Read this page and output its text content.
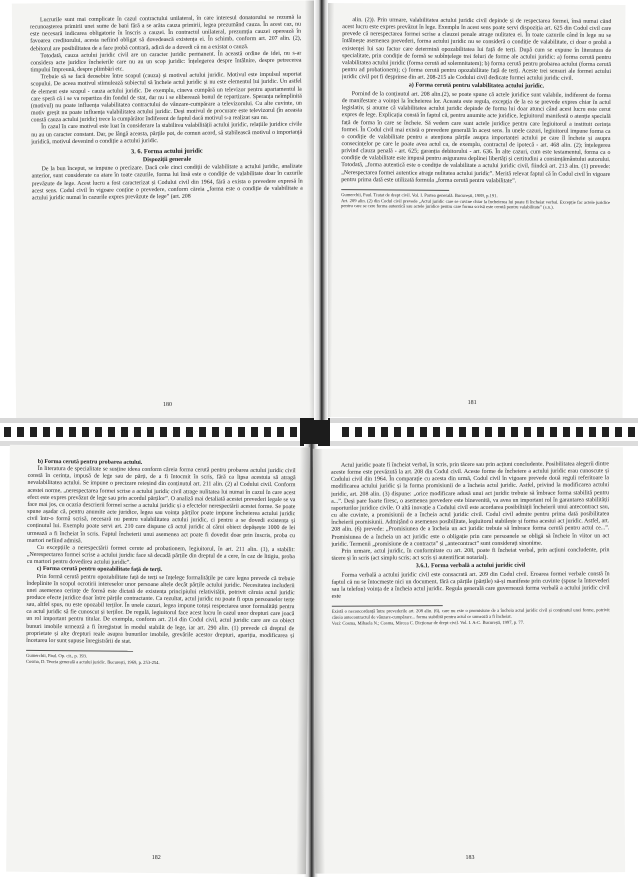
Lucrurile sunt mai complicate în cazul contractului unilateral, în care interesul donatorului se rezumă la recunoașterea primirii unei sume de bani fără a se arăta cauza primirii, legea prezumând cauza. În acest caz, nu este necesară indicarea obligatorie în înscris a cauzei. În contractul unilateral, prezumția cauzei operează în favoarea creditorului, acesta nefiind obligat să dovedească existența ei. În schimb, conform art. 207 alin. (2), debitorul are posibilitatea de a face probă contrară, adică de a dovedi că nu a existat o cauză.

Totodată, cauza actului juridic civil are un caracter juridic permanent. În această ordine de idei, nu s-ar considera acte juridice încheierile care nu au un scop juridic: înțelegerea despre întâlnire, despre petrecerea timpului împreună, despre plimbări etc.

Trebuie să se facă deosebire între scopul (cauza) și motivul actului juridic. Motivul este impulsul suportat scopului. De aceea motivul stimulează subiectul să încheie actul juridic și nu este elementul lui juridic. Un astfel de element este scopul - cauza actului juridic. De exemplu, cineva cumpără un televizor pentru apartamentul la care speră că i se va repartiza din fondul de stat, dar nu i se eliberează bonul de repartizare. Speranța neîmplinită (motivul) nu poate influența valabilitatea contractului de vânzare-cumpărare a televizorului. Cu alte cuvinte, un motiv greșit nu poate influența valabilitatea actului juridic. Deși motivul de procurare este televizorul (în aceasta constă cauza actului juridic) trece la cumpărător îndiferent de faptul dacă motivul s-a realizat sau nu.

În cazul în care motivul este luat în considerare la stabilirea valabilității actului juridic, relațiile juridice civile nu au un caracter constant. Dar, pe lângă aceasta, părțile pot, de comun acord, să stabilească motivul o importanță juridică, motivul devenind o condiție a actului juridic.

3. 6. Forma actului juridic
Dispoziții generale

De la bun început, se impune o precizare. Dacă cele cinci condiții de valabilitate a actului juridic, analizate anterior, sunt considerate ca atare în toate cazurile, forma lui însă este o condiție de valabilitate doar în cazurile prevăzute de lege. Acest lucru a fost caracterizat și Codului civil din 1964, fără a exista o prevedere expresă în acest sens. Codul civil în vigoare conține o prevedere, conform căreia „forma este o condiție de valabilitate a actului juridic numai în cazurile expres prevăzute de lege” (art. 208

180

alin. (2)). Prin urmare, valabilitatea actului juridic civil depinde și de respectarea formei, însă numai când acest lucru este expres prevăzut în lege. Exemplu în acest sens poate servi dispoziția art. 625 din Codul civil care prevede că nerespectarea formei scrise a clauzei penale atrage nulitatea ei. În toate cazurile când în lege nu se întâlnește asemenea prevederi, forma actului juridic nu se consideră o condiție de valabilitate, ci doar o probă a existenței lui sau factor care determină opozabilitatea lui față de terți. După cum se expune în literatura de specialitate, prin condiție de formă se subînțelege trei feluri de forme ale actului juridic: a) forma cerută pentru valabilitatea actului juridic (forma cerută ad solemnitatem); b) forma cerută pentru probarea actului (forma cerută pentru ad probationem); c) forma cerută pentru opozabilitate față de terți. Aceste trei sensuri ale formei actului juridic civil pot fi deșprinse din art. 208-215 ale Codului civil dedicate formei actului juridic civil.

a) Forma cerută pentru valabilitatea actului juridic.

Pornind de la conținutul art. 208 alin.(2), se poate spune că actele juridice sunt valabile, indiferent de forma de manifestare a voinței la încheierea lor. Aceasta este regula, excepția de la ea se prevede expres chiar în actul legislativ, și anume că valabilitatea actului juridic depinde de forma lui doar atunci când acest lucru este cerut expres de lege. Explicația constă în faptul că, pentru anumite acte juridice, legiuitorul manifestă o atenție specială față de forma în care se încheie. Să vedem care sunt actele juridice pentru care legiuitorul a instituit cerința formei. În Codul civil mai există o prevedere generală în acest sens. În unele cazuri, legiuitorul impune forma ca o condiție de valabilitate pentru a atenționa părțile asupra importanței actului pe care îl încheie și asupra consecințelor pe care le poate avea actul ca, de exemplu, contractul de ipotecă - art. 468 alin. (2); înțelegerea privind clauza penală - art. 625; garanția debitorului - art. 636. În alte cazuri, cum este testamentul, forma ca o condiție de valabilitate este impusă pentru asigurarea deplinei libertăți și certitudini a consimțământului autorului. Totodată, „forma autentică este o condiție de valabilitate a actului juridic civil, fiindcă art. 213 alin. (1) prevede: „Nerespectarea formei autentice atrage nulitatea actului juridic”. Merită relevat faptul că în Codul civil în vigoare pentru prima dată este utilizată formula „forma cerută pentru valabilitate”.

Gumerchii, Paul. Tratat de drept civil. Vol. I. Partea generală. București, 1989, p.191.

Art. 209 alin. (2) din Codul civil prevede „Actul juridic care se cuvine chiar la încheierea lui poate fi încheiat verbal. Excepție fac actele juridice pentru care se cere forma autentică sau actele juridice pentru care forma scrisă este cerută pentru valabilitate” (s.n.).

181

b) Forma cerută pentru probarea actului.

În literatura de specialitate se susține ideea conform căreia forma cerută pentru probarea actului juridic civil constă în cerința, impusă de lege sau de părți, de a fi întocmit în scris, fără ca lipsa acestuia să atragă nevalabilitatea actului. Se impune o precizare reieșind din conținutul art. 211 alin. (2) al Codului civil. Conform acestei norme, „nerespectarea formei scrise a actului juridic civil atrage nulitatea lui numai în cazul în care acest efect este expres prevăzut de lege sau prin acordul părților”. O analiză mai detaliată acestei prevederi legale se va face mai jos, cu ocazia descrierii formei scrise a actului juridic și a efectelor nerespectării acestei forme. Se poate spune așadar că, pentru anumite acte juridice, legea sau voința părților poate impune încheierea actului juridic civil într-o formă scrisă, necesară nu pentru valabilitatea actului juridic, ci pentru a se dovedi existența și conținutul lui. Exemplu poate servi art. 210 care dispune că actul juridic al cărui obiect depășește 1000 de lei urmează a fi încheiat în scris. Faptul încheierii unui asemenea act poate fi dovedit doar prin înscris, proba cu martori nefiind admisă.

Cu excepțiile a nerespectării formei cerute ad probationem, legiuitorul, în art. 211 alin. (1), a stabilit: „Nerespectarea formei scrise a actului juridic face să decadă părțile din dreptul de a cere, în caz de litigiu, proba cu martori pentru dovedirea actului juridic”.

c) Forma cerută pentru opozabilitate față de terți.

Prin formă cerută pentru opozabilitate față de terți se înțelege formalitățile pe care legea prevede că trebuie îndeplinite în scopul ocrotirii intereselor unor persoane altele decât părțile actului juridic. Necesitatea includerii unei asemenea cerințe de formă este dictată de existența principiului relativității, potrivit căruia actul juridic produce efecte juridice doar între părțile contractante. Ca rezultat, actul juridic nu poate fi opus persoanelor terțe sau, altfel spus, nu este opozabil terților. În unele cazuri, legea impune totuși respectarea unor formalități pentru ca actul juridic să fie cunoscut și terților. De regulă, legiuitorul face acest lucru în cazul unor drepturi care joacă un rol important pentru titular. De exemplu, conform art. 214 din Codul civil, actul juridic care are ca obiect bunuri imobile urmează a fi înregistrat în modul stabilit de lege, iar art. 290 alin. (1) prevede că dreptul de proprietate și alte drepturi reale asupra bunurilor imobile, grevările acestor drepturi, apariția, modificarea și încetarea lor sunt supuse înregistrării de stat.

Gumerchii, Paul. Op. cit., p. 193.

Cosma, D. Teoria generală a actului juridic. București, 1969, p. 253-254.

182

Actul juridic poate fi încheiat verbal, în scris, prin tăcere sau prin acțiuni concludente. Posibilitatea alegerii dintre aceste forme este prevăzută la art. 208 din Codul civil. Aceste forme de încheiere a actului juridic erau cunoscute și Codului civil din 1964. În comparație cu acesta din urmă, Codul civil în vigoare prevede două reguli referitoare la modificarea actului juridic și la forma promisiunii de a încheia actul juridic. Astfel, privind la modificarea actului juridic, art. 208 alin. (3) dispune: „orice modificare adusă unui act juridic trebuie să îmbrace forma stabilită pentru a...”. Deși pare foarte firesc, o asemenea prevedere este binevenită, va avea un important rol în garantarea stabilității raporturilor juridice civile. O altă inovație a Codului civil este acordarea posibilității încheierii unui antecontract sau, cu alte cuvinte, a promisiunii de a încheia actul juridic civil. Codul civil admite pentru prima dată posibilitatea încheierii promisiunii. Admițând o asemenea posibilitate, legiuitorul stabilește și forma acestui act juridic. Astfel, art. 208 alin. (6) prevede: „Promisiunea de a încheia un act juridic trebuie să îmbrace forma cerută pentru actul ce...”. Promisiunea de a încheia un act juridic este o obligație prin care persoanele se obligă să încheie în viitor un act juridic. Termenii „promisiune de a contracta” și „antecontract” sunt considerați sinonime.

Prin urmare, actul juridic, în conformitate cu art. 208, poate fi încheiat verbal, prin acțiuni concludente, prin tăcere și în scris (act simplu scris; act scris și autentificat notarial).

3.6.1. Forma verbală a actului juridic civil

Forma verbală a actului juridic civil este consacrată art. 209 din Codul civil. Eroarea formei verbale constă în faptul că nu se întocmește nici un document, fără ca părțile (părțile) să-și manifeste prin cuvinte (spuse la întrevederi sau la telefon) voința de a încheia actul juridic. Regula generală care guvernează forma verbală a actului juridic civil este

Există o neconcordanță între prevederile art. 208 alin. (6), care nu este o promisiune de a încheia actul juridic civil și conținutul unei forme, potrivit căreia antecontractul de vânzare-cumpărare... forma stabilită pentru actul ce urmează a fi încheiat.

Vezi: Cosma, Mihaela N.; Cosma, Mircea C. Dicționar de drept civil. Vol. I. A-C. București, 1997, p. 77.

183
